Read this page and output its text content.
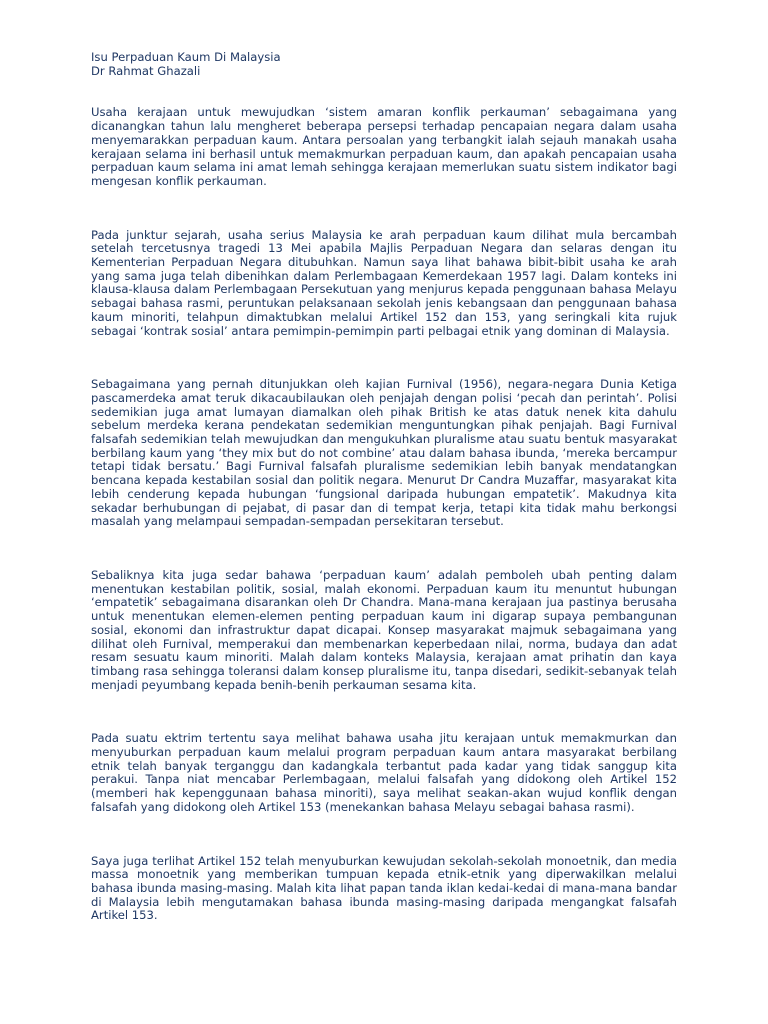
Isu Perpaduan Kaum Di Malaysia

Dr Rahmat Ghazali

Usaha kerajaan untuk mewujudkan ‘sistem amaran konflik perkauman’ sebagaimana yang dicanangkan tahun lalu mengheret beberapa persepsi terhadap pencapaian negara dalam usaha menyemarakkan perpaduan kaum. Antara persoalan yang terbangkit ialah sejauh manakah usaha kerajaan selama ini berhasil untuk memakmurkan perpaduan kaum, dan apakah pencapaian usaha perpaduan kaum selama ini amat lemah sehingga kerajaan memerlukan suatu sistem indikator bagi mengesan konflik perkauman.

Pada junktur sejarah, usaha serius Malaysia ke arah perpaduan kaum dilihat mula bercambah setelah tercetusnya tragedi 13 Mei apabila Majlis Perpaduan Negara dan selaras dengan itu Kementerian Perpaduan Negara ditubuhkan. Namun saya lihat bahawa bibit-bibit usaha ke arah yang sama juga telah dibenihkan dalam Perlembagaan Kemerdekaan 1957 lagi. Dalam konteks ini klausa-klausa dalam Perlembagaan Persekutuan yang menjurus kepada penggunaan bahasa Melayu sebagai bahasa rasmi, peruntukan pelaksanaan sekolah jenis kebangsaan dan penggunaan bahasa kaum minoriti, telahpun dimaktubkan melalui Artikel 152 dan 153, yang seringkali kita rujuk sebagai ‘kontrak sosial’ antara pemimpin-pemimpin parti pelbagai etnik yang dominan di Malaysia.

Sebagaimana yang pernah ditunjukkan oleh kajian Furnival (1956), negara-negara Dunia Ketiga pascamerdeka amat teruk dikacaubilaukan oleh penjajah dengan polisi ‘pecah dan perintah’. Polisi sedemikian juga amat lumayan diamalkan oleh pihak British ke atas datuk nenek kita dahulu sebelum merdeka kerana pendekatan sedemikian menguntungkan pihak penjajah. Bagi Furnival falsafah sedemikian telah mewujudkan dan mengukuhkan pluralisme atau suatu bentuk masyarakat berbilang kaum yang ‘they mix but do not combine’ atau dalam bahasa ibunda, ‘mereka bercampur tetapi tidak bersatu.’ Bagi Furnival falsafah pluralisme sedemikian lebih banyak mendatangkan bencana kepada kestabilan sosial dan politik negara. Menurut Dr Candra Muzaffar, masyarakat kita lebih cenderung kepada hubungan ‘fungsional daripada hubungan empatetik’. Makudnya kita sekadar berhubungan di pejabat, di pasar dan di tempat kerja, tetapi kita tidak mahu berkongsi masalah yang melampaui sempadan-sempadan persekitaran tersebut.

Sebaliknya kita juga sedar bahawa ‘perpaduan kaum’ adalah pemboleh ubah penting dalam menentukan kestabilan politik, sosial, malah ekonomi. Perpaduan kaum itu menuntut hubungan ‘empatetik’ sebagaimana disarankan oleh Dr Chandra. Mana-mana kerajaan jua pastinya berusaha untuk menentukan elemen-elemen penting perpaduan kaum ini digarap supaya pembangunan sosial, ekonomi dan infrastruktur dapat dicapai. Konsep masyarakat majmuk sebagaimana yang dilihat oleh Furnival, memperakui dan membenarkan keperbedaan nilai, norma, budaya dan adat resam sesuatu kaum minoriti. Malah dalam konteks Malaysia, kerajaan amat prihatin dan kaya timbang rasa sehingga toleransi dalam konsep pluralisme itu, tanpa disedari, sedikit-sebanyak telah menjadi peyumbang kepada benih-benih perkauman sesama kita.

Pada suatu ektrim tertentu saya melihat bahawa usaha jitu kerajaan untuk memakmurkan dan menyuburkan perpaduan kaum melalui program perpaduan kaum antara masyarakat berbilang etnik telah banyak terganggu dan kadangkala terbantut pada kadar yang tidak sanggup kita perakui. Tanpa niat mencabar Perlembagaan, melalui falsafah yang didokong oleh Artikel 152 (memberi hak kepenggunaan bahasa minoriti), saya melihat seakan-akan wujud konflik dengan falsafah yang didokong oleh Artikel 153 (menekankan bahasa Melayu sebagai bahasa rasmi).

Saya juga terlihat Artikel 152 telah menyuburkan kewujudan sekolah-sekolah monoetnik, dan media massa monoetnik yang memberikan tumpuan kepada etnik-etnik yang diperwakilkan melalui bahasa ibunda masing-masing. Malah kita lihat papan tanda iklan kedai-kedai di mana-mana bandar di Malaysia lebih mengutamakan bahasa ibunda masing-masing daripada mengangkat falsafah Artikel 153.
